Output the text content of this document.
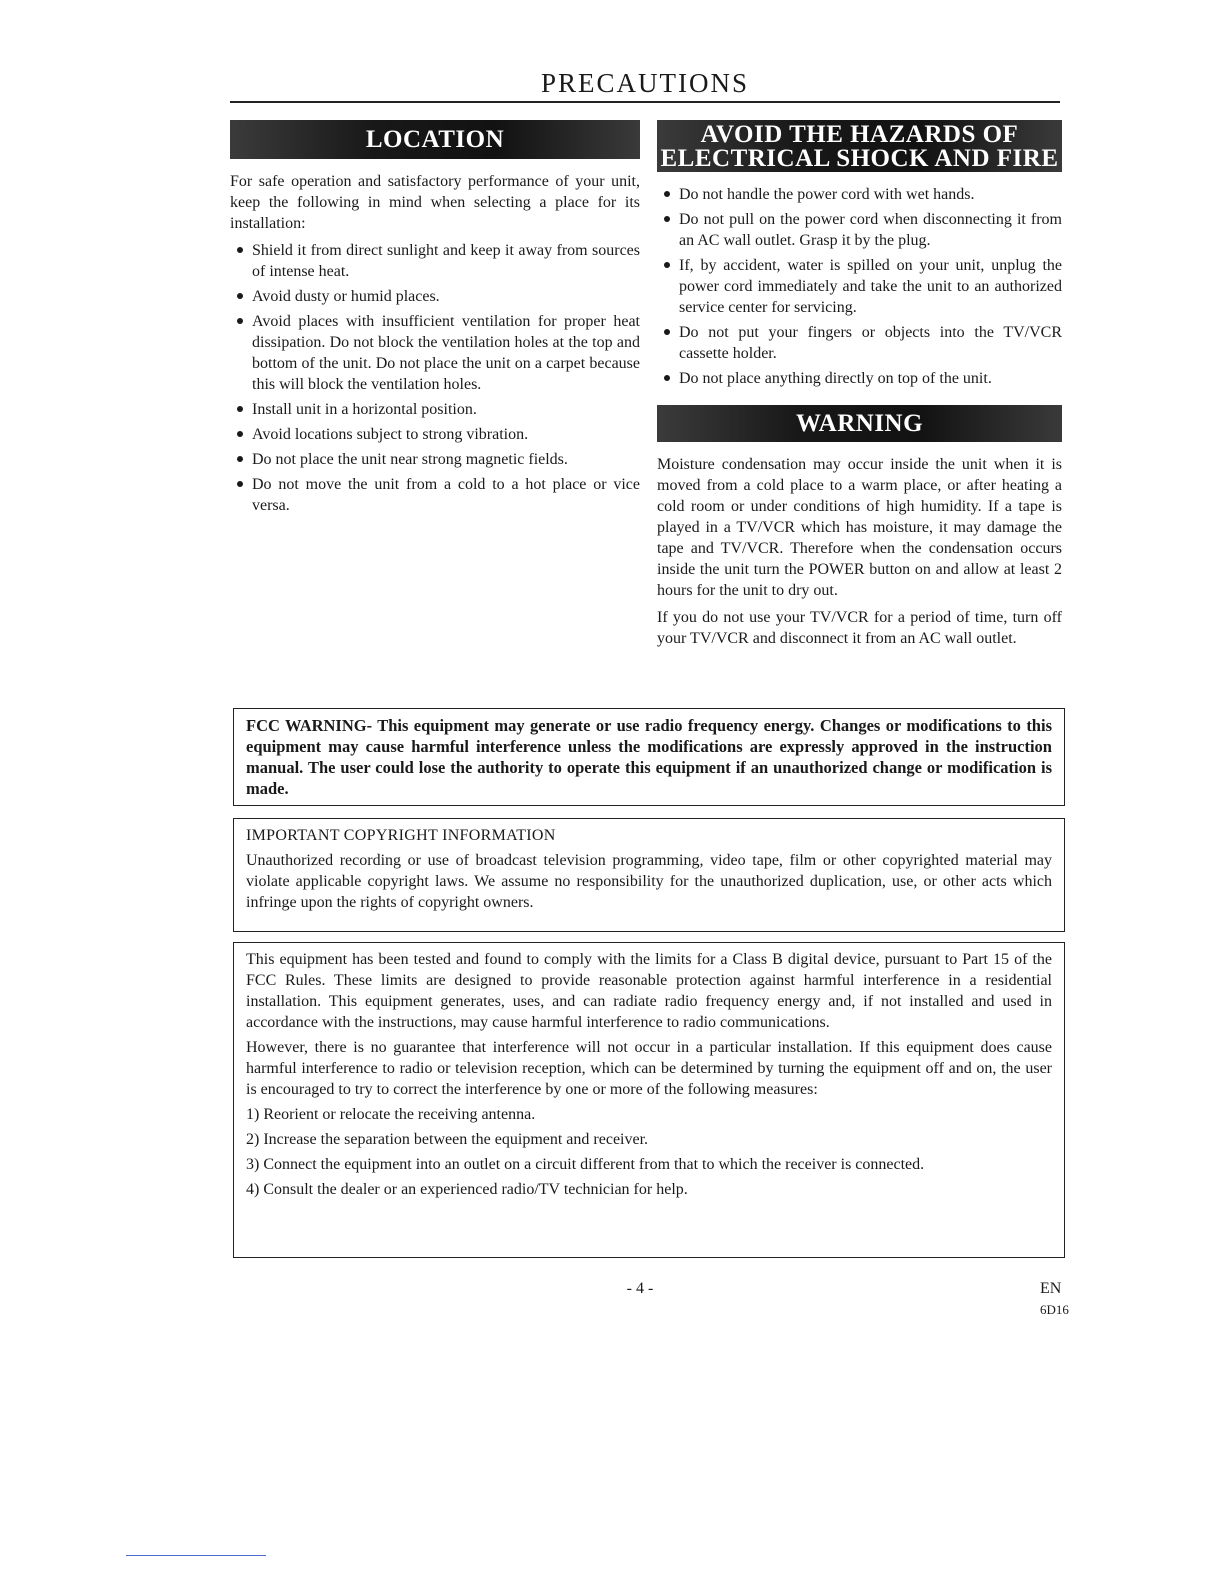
PRECAUTIONS
LOCATION

For safe operation and satisfactory performance of your unit, keep the following in mind when selecting a place for its installation:

Shield it from direct sunlight and keep it away from sources of intense heat.
Avoid dusty or humid places.
Avoid places with insufficient ventilation for proper heat dissipation. Do not block the ventilation holes at the top and bottom of the unit. Do not place the unit on a carpet because this will block the ventilation holes.
Install unit in a horizontal position.
Avoid locations subject to strong vibration.
Do not place the unit near strong magnetic fields.
Do not move the unit from a cold to a hot place or vice versa.
AVOID THE HAZARDS OF
ELECTRICAL SHOCK AND FIRE
Do not handle the power cord with wet hands.
Do not pull on the power cord when disconnecting it from an AC wall outlet. Grasp it by the plug.
If, by accident, water is spilled on your unit, unplug the power cord immediately and take the unit to an authorized service center for servicing.
Do not put your fingers or objects into the TV/VCR cassette holder.
Do not place anything directly on top of the unit.
WARNING

Moisture condensation may occur inside the unit when it is moved from a cold place to a warm place, or after heating a cold room or under conditions of high humidity. If a tape is played in a TV/VCR which has moisture, it may damage the tape and TV/VCR. Therefore when the condensation occurs inside the unit turn the POWER button on and allow at least 2 hours for the unit to dry out.

If you do not use your TV/VCR for a period of time, turn off your TV/VCR and disconnect it from an AC wall outlet.

FCC WARNING- This equipment may generate or use radio frequency energy. Changes or modifications to this equipment may cause harmful interference unless the modifications are expressly approved in the instruction manual. The user could lose the authority to operate this equipment if an unauthorized change or modification is made.

IMPORTANT COPYRIGHT INFORMATION

Unauthorized recording or use of broadcast television programming, video tape, film or other copyrighted material may violate applicable copyright laws. We assume no responsibility for the unauthorized duplication, use, or other acts which infringe upon the rights of copyright owners.

This equipment has been tested and found to comply with the limits for a Class B digital device, pursuant to Part 15 of the FCC Rules. These limits are designed to provide reasonable protection against harmful interference in a residential installation. This equipment generates, uses, and can radiate radio frequency energy and, if not installed and used in accordance with the instructions, may cause harmful interference to radio communications.

However, there is no guarantee that interference will not occur in a particular installation. If this equipment does cause harmful interference to radio or television reception, which can be determined by turning the equipment off and on, the user is encouraged to try to correct the interference by one or more of the following measures:

1) Reorient or relocate the receiving antenna.
2) Increase the separation between the equipment and receiver.
3) Connect the equipment into an outlet on a circuit different from that to which the receiver is connected.
4) Consult the dealer or an experienced radio/TV technician for help.
- 4 -	EN
6D16
